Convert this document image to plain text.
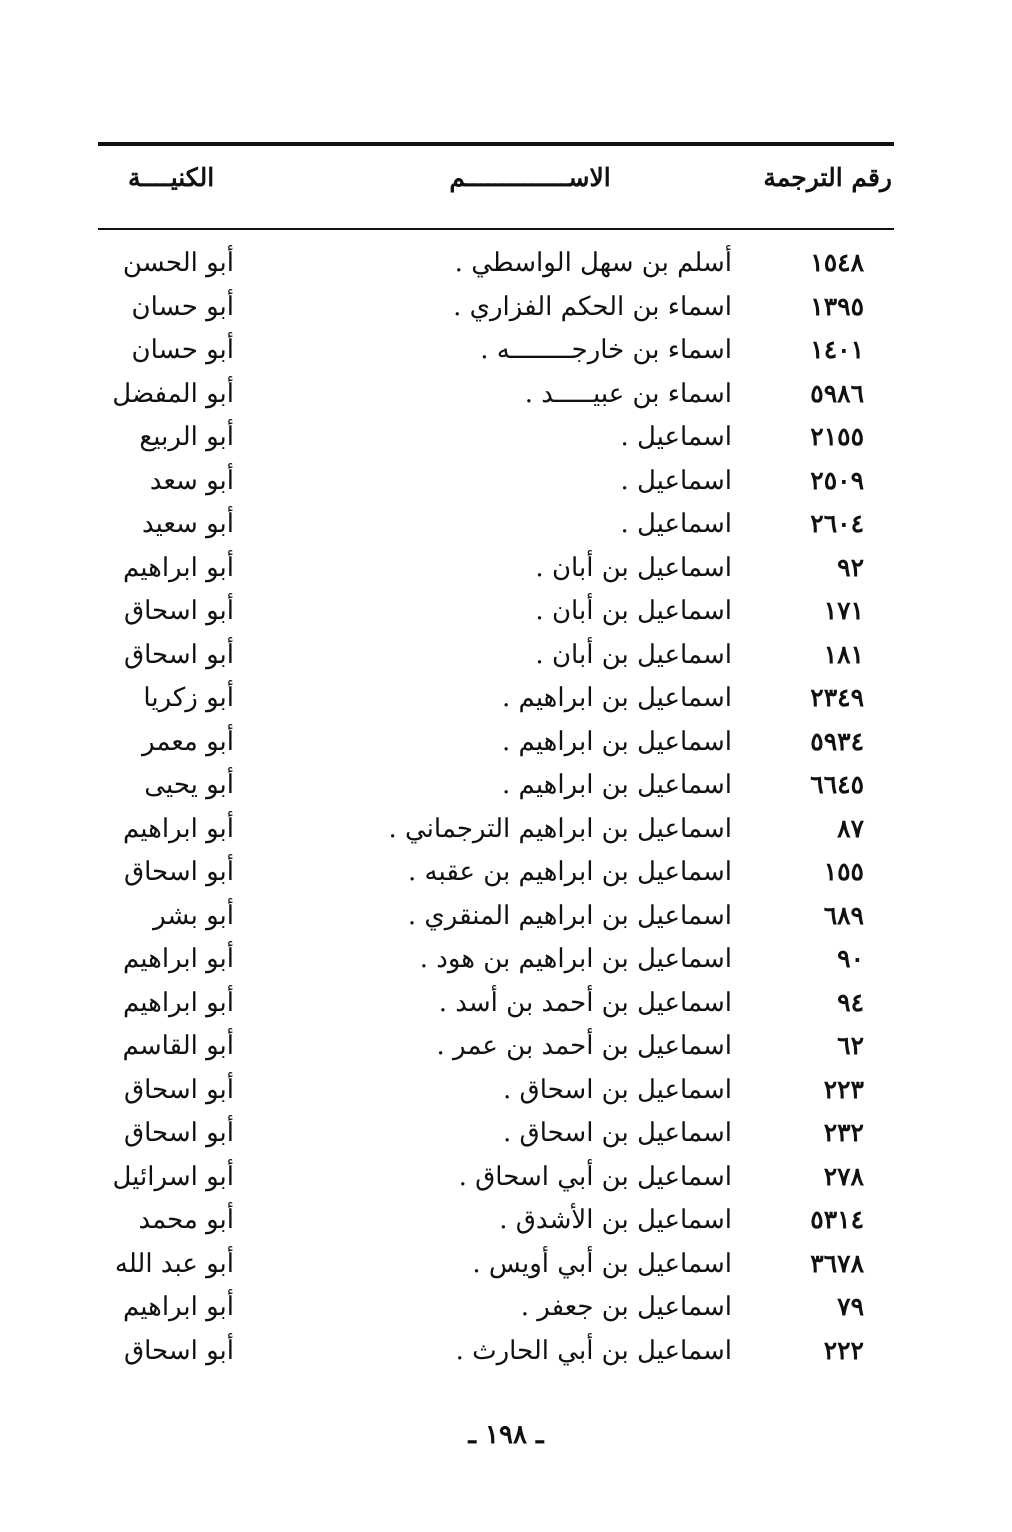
رقم الترجمة
الاســــــــــــــم
الكنيــــة
١٥٤٨
أسلم بن سهل الواسطي .
أبو الحسن
١٣٩٥
اسماء بن الحكم الفزاري .
أبو حسان
١٤٠١
اسماء بن خارجــــــــه .
أبو حسان
٥٩٨٦
اسماء بن عبيـــــد .
أبو المفضل
٢١٥٥
اسماعيل .
أبو الربيع
٢٥٠٩
اسماعيل .
أبو سعد
٢٦٠٤
اسماعيل .
أبو سعيد
٩٢
اسماعيل بن أبان .
أبو ابراهيم
١٧١
اسماعيل بن أبان .
أبو اسحاق
١٨١
اسماعيل بن أبان .
أبو اسحاق
٢٣٤٩
اسماعيل بن ابراهيم .
أبو زكريا
٥٩٣٤
اسماعيل بن ابراهيم .
أبو معمر
٦٦٤٥
اسماعيل بن ابراهيم .
أبو يحيى
٨٧
اسماعيل بن ابراهيم الترجماني .
أبو ابراهيم
١٥٥
اسماعيل بن ابراهيم بن عقبه .
أبو اسحاق
٦٨٩
اسماعيل بن ابراهيم المنقري .
أبو بشر
٩٠
اسماعيل بن ابراهيم بن هود .
أبو ابراهيم
٩٤
اسماعيل بن أحمد بن أسد .
أبو ابراهيم
٦٢
اسماعيل بن أحمد بن عمر .
أبو القاسم
٢٢٣
اسماعيل بن اسحاق .
أبو اسحاق
٢٣٢
اسماعيل بن اسحاق .
أبو اسحاق
٢٧٨
اسماعيل بن أبي اسحاق .
أبو اسرائيل
٥٣١٤
اسماعيل بن الأشدق .
أبو محمد
٣٦٧٨
اسماعيل بن أبي أويس .
أبو عبد الله
٧٩
اسماعيل بن جعفر .
أبو ابراهيم
٢٢٢
اسماعيل بن أبي الحارث .
أبو اسحاق
ـ ١٩٨ ـ
